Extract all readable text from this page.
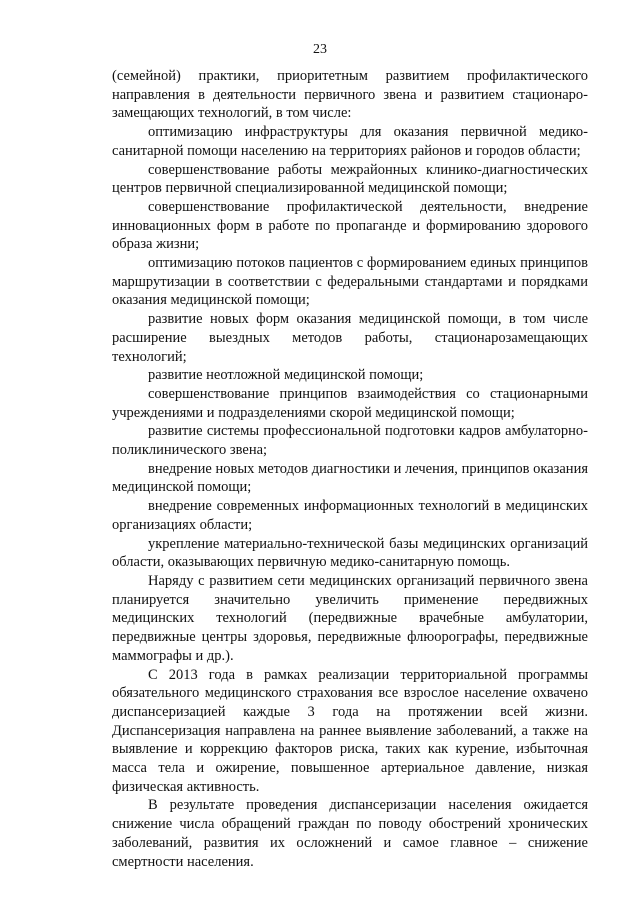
23

(семейной) практики, приоритетным развитием профилактического направления в деятельности первичного звена и развитием стационаро-замещающих технологий, в том числе:

оптимизацию инфраструктуры для оказания первичной медико-санитарной помощи населению на территориях районов и городов области;

совершенствование работы межрайонных клинико-диагностических центров первичной специализированной медицинской помощи;

совершенствование профилактической деятельности, внедрение инновационных форм в работе по пропаганде и формированию здорового образа жизни;

оптимизацию потоков пациентов с формированием единых принципов маршрутизации в соответствии с федеральными стандартами и порядками оказания медицинской помощи;

развитие новых форм оказания медицинской помощи, в том числе расширение выездных методов работы, стационарозамещающих технологий;

развитие неотложной медицинской помощи;

совершенствование принципов взаимодействия со стационарными учреждениями и подразделениями скорой медицинской помощи;

развитие системы профессиональной подготовки кадров амбулаторно-поликлинического звена;

внедрение новых методов диагностики и лечения, принципов оказания медицинской помощи;

внедрение современных информационных технологий в медицинских организациях области;

укрепление материально-технической базы медицинских организаций области, оказывающих первичную медико-санитарную помощь.

Наряду с развитием сети медицинских организаций первичного звена планируется значительно увеличить применение передвижных медицинских технологий (передвижные врачебные амбулатории, передвижные центры здоровья, передвижные флюорографы, передвижные маммографы и др.).

С 2013 года в рамках реализации территориальной программы обязательного медицинского страхования все взрослое население охвачено диспансеризацией каждые 3 года на протяжении всей жизни. Диспансеризация направлена на раннее выявление заболеваний, а также на выявление и коррекцию факторов риска, таких как курение, избыточная масса тела и ожирение, повышенное артериальное давление, низкая физическая активность.

В результате проведения диспансеризации населения ожидается снижение числа обращений граждан по поводу обострений хронических заболеваний, развития их осложнений и самое главное – снижение смертности населения.
